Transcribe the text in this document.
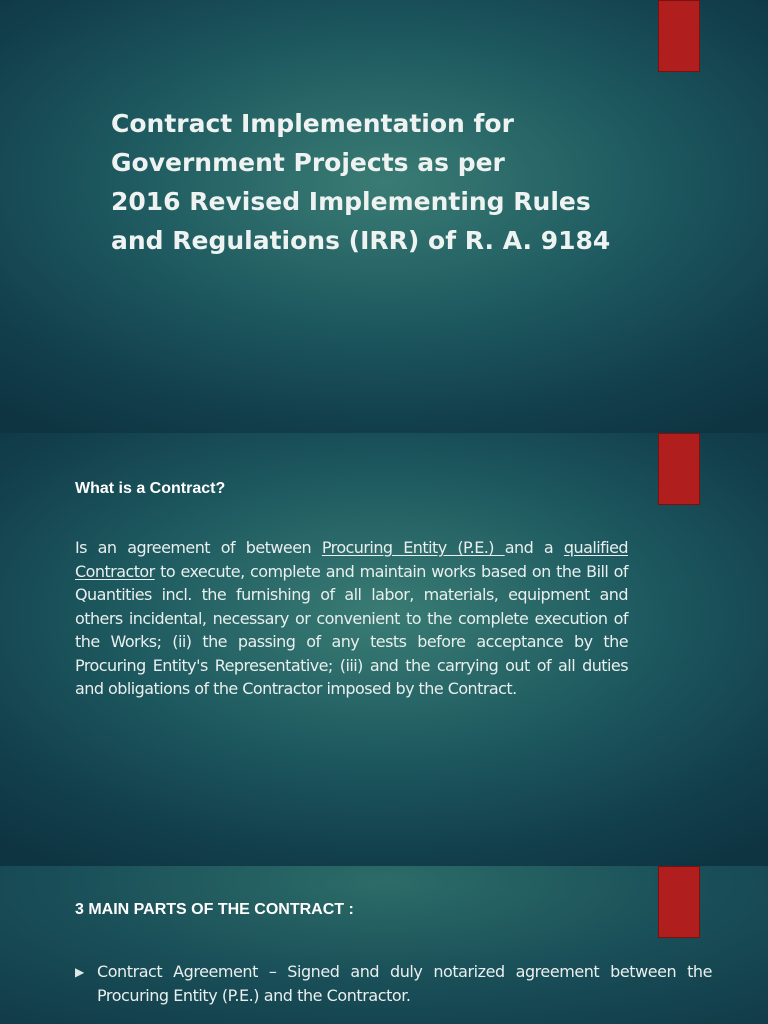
Contract Implementation for
Government Projects as per
2016 Revised Implementing Rules
and Regulations (IRR) of R. A. 9184
What is a Contract?

Is an agreement of between Procuring Entity (P.E.) and a qualified Contractor to execute, complete and maintain works based on the Bill of Quantities incl. the furnishing of all labor, materials, equipment and others incidental, necessary or convenient to the complete execution of the Works; (ii) the passing of any tests before acceptance by the Procuring Entity's Representative; (iii) and the carrying out of all duties and obligations of the Contractor imposed by the Contract.

3 MAIN PARTS OF THE CONTRACT :
▶ Contract Agreement – Signed and duly notarized agreement between the Procuring Entity (P.E.) and the Contractor.
